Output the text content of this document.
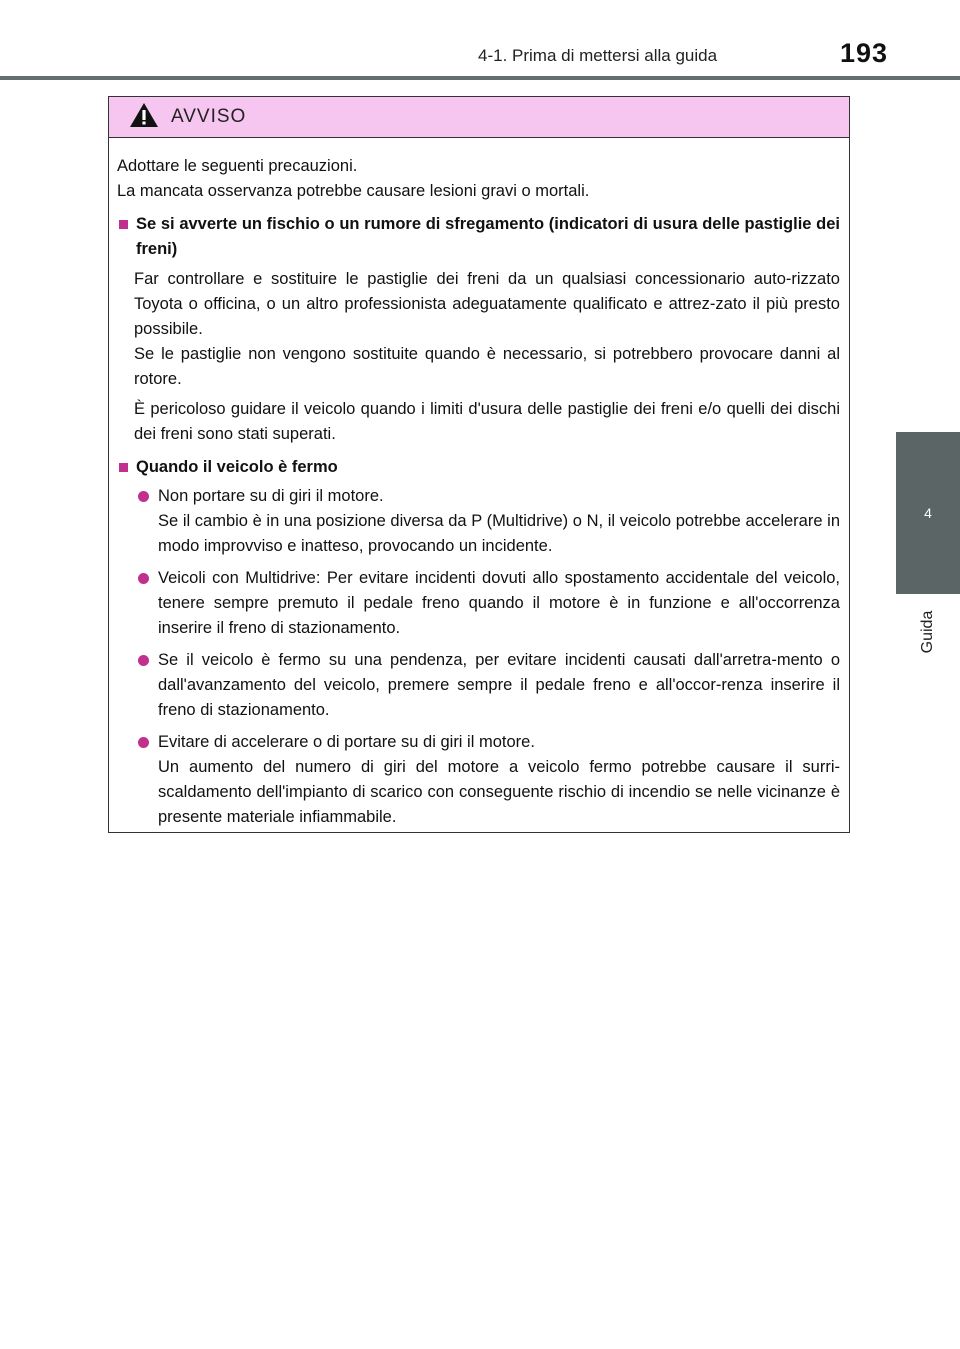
4-1. Prima di mettersi alla guida	193
4
Guida
AVVISO

Adottare le seguenti precauzioni.

La mancata osservanza potrebbe causare lesioni gravi o mortali.

Se si avverte un fischio o un rumore di sfregamento (indicatori di usura delle pastiglie dei freni)

Far controllare e sostituire le pastiglie dei freni da un qualsiasi concessionario auto-rizzato Toyota o officina, o un altro professionista adeguatamente qualificato e attrez-zato il più presto possibile.

Se le pastiglie non vengono sostituite quando è necessario, si potrebbero provocare danni al rotore.

È pericoloso guidare il veicolo quando i limiti d'usura delle pastiglie dei freni e/o quelli dei dischi dei freni sono stati superati.

Quando il veicolo è fermo

Non portare su di giri il motore.

Se il cambio è in una posizione diversa da P (Multidrive) o N, il veicolo potrebbe accelerare in modo improvviso e inatteso, provocando un incidente.

Veicoli con Multidrive: Per evitare incidenti dovuti allo spostamento accidentale del veicolo, tenere sempre premuto il pedale freno quando il motore è in funzione e all'occorrenza inserire il freno di stazionamento.

Se il veicolo è fermo su una pendenza, per evitare incidenti causati dall'arretra-mento o dall'avanzamento del veicolo, premere sempre il pedale freno e all'occor-renza inserire il freno di stazionamento.

Evitare di accelerare o di portare su di giri il motore.

Un aumento del numero di giri del motore a veicolo fermo potrebbe causare il surri-scaldamento dell'impianto di scarico con conseguente rischio di incendio se nelle vicinanze è presente materiale infiammabile.
